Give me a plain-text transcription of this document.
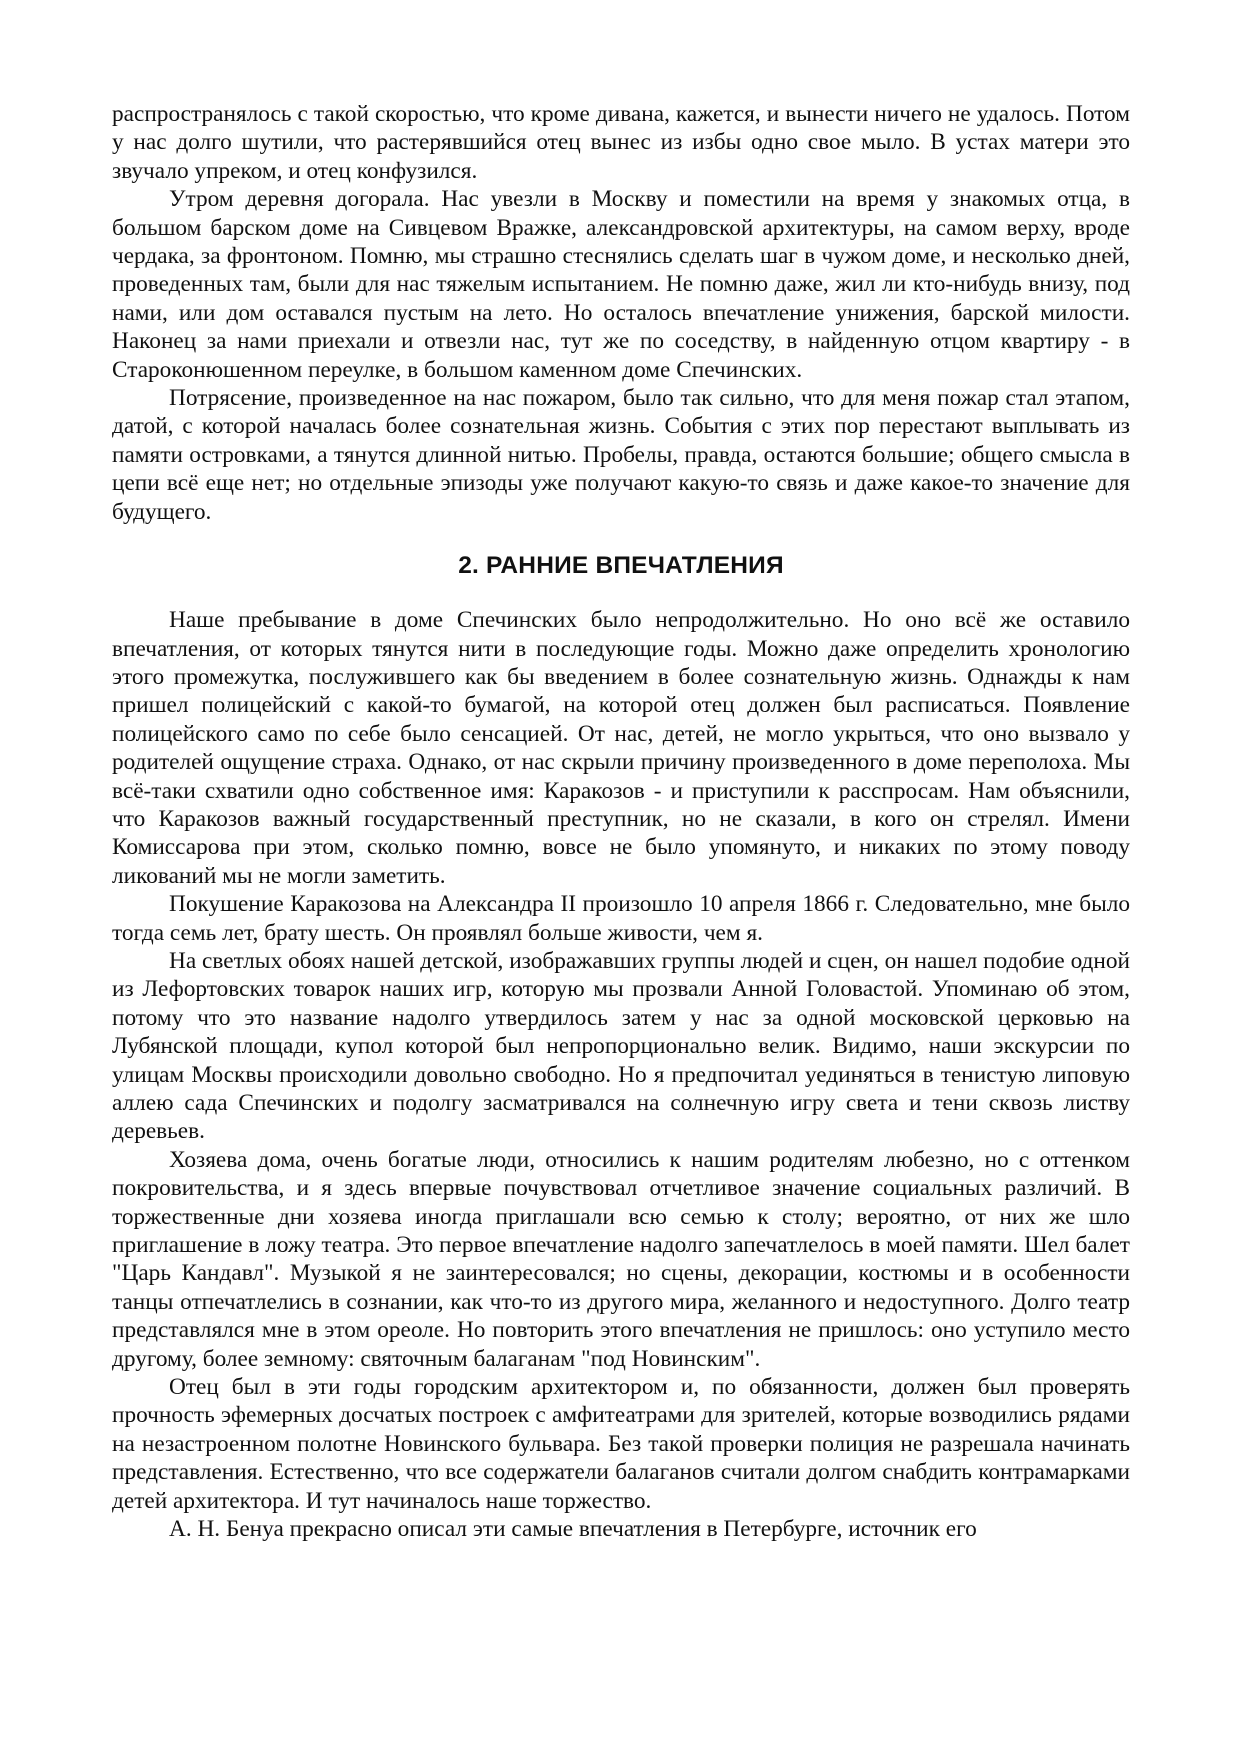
распространялось с такой скоростью, что кроме дивана, кажется, и вынести ничего не удалось. Потом у нас долго шутили, что растерявшийся отец вынес из избы одно свое мыло. В устах матери это звучало упреком, и отец конфузился.

Утром деревня догорала. Нас увезли в Москву и поместили на время у знакомых отца, в большом барском доме на Сивцевом Вражке, александровской архитектуры, на самом верху, вроде чердака, за фронтоном. Помню, мы страшно стеснялись сделать шаг в чужом доме, и несколько дней, проведенных там, были для нас тяжелым испытанием. Не помню даже, жил ли кто-нибудь внизу, под нами, или дом оставался пустым на лето. Но осталось впечатление унижения, барской милости. Наконец за нами приехали и отвезли нас, тут же по соседству, в найденную отцом квартиру - в Староконюшенном переулке, в большом каменном доме Спечинских.

Потрясение, произведенное на нас пожаром, было так сильно, что для меня пожар стал этапом, датой, с которой началась более сознательная жизнь. События с этих пор перестают выплывать из памяти островками, а тянутся длинной нитью. Пробелы, правда, остаются большие; общего смысла в цепи всё еще нет; но отдельные эпизоды уже получают какую-то связь и даже какое-то значение для будущего.

2. РАННИЕ ВПЕЧАТЛЕНИЯ

Наше пребывание в доме Спечинских было непродолжительно. Но оно всё же оставило впечатления, от которых тянутся нити в последующие годы. Можно даже определить хронологию этого промежутка, послужившего как бы введением в более сознательную жизнь. Однажды к нам пришел полицейский с какой-то бумагой, на которой отец должен был расписаться. Появление полицейского само по себе было сенсацией. От нас, детей, не могло укрыться, что оно вызвало у родителей ощущение страха. Однако, от нас скрыли причину произведенного в доме переполоха. Мы всё-таки схватили одно собственное имя: Каракозов - и приступили к расспросам. Нам объяснили, что Каракозов важный государственный преступник, но не сказали, в кого он стрелял. Имени Комиссарова при этом, сколько помню, вовсе не было упомянуто, и никаких по этому поводу ликований мы не могли заметить.

Покушение Каракозова на Александра II произошло 10 апреля 1866 г. Следовательно, мне было тогда семь лет, брату шесть. Он проявлял больше живости, чем я.

На светлых обоях нашей детской, изображавших группы людей и сцен, он нашел подобие одной из Лефортовских товарок наших игр, которую мы прозвали Анной Головастой. Упоминаю об этом, потому что это название надолго утвердилось затем у нас за одной московской церковью на Лубянской площади, купол которой был непропорционально велик. Видимо, наши экскурсии по улицам Москвы происходили довольно свободно. Но я предпочитал уединяться в тенистую липовую аллею сада Спечинских и подолгу засматривался на солнечную игру света и тени сквозь листву деревьев.

Хозяева дома, очень богатые люди, относились к нашим родителям любезно, но с оттенком покровительства, и я здесь впервые почувствовал отчетливое значение социальных различий. В торжественные дни хозяева иногда приглашали всю семью к столу; вероятно, от них же шло приглашение в ложу театра. Это первое впечатление надолго запечатлелось в моей памяти. Шел балет "Царь Кандавл". Музыкой я не заинтересовался; но сцены, декорации, костюмы и в особенности танцы отпечатлелись в сознании, как что-то из другого мира, желанного и недоступного. Долго театр представлялся мне в этом ореоле. Но повторить этого впечатления не пришлось: оно уступило место другому, более земному: святочным балаганам "под Новинским".

Отец был в эти годы городским архитектором и, по обязанности, должен был проверять прочность эфемерных досчатых построек с амфитеатрами для зрителей, которые возводились рядами на незастроенном полотне Новинского бульвара. Без такой проверки полиция не разрешала начинать представления. Естественно, что все содержатели балаганов считали долгом снабдить контрамарками детей архитектора. И тут начиналось наше торжество.

А. Н. Бенуа прекрасно описал эти самые впечатления в Петербурге, источник его
